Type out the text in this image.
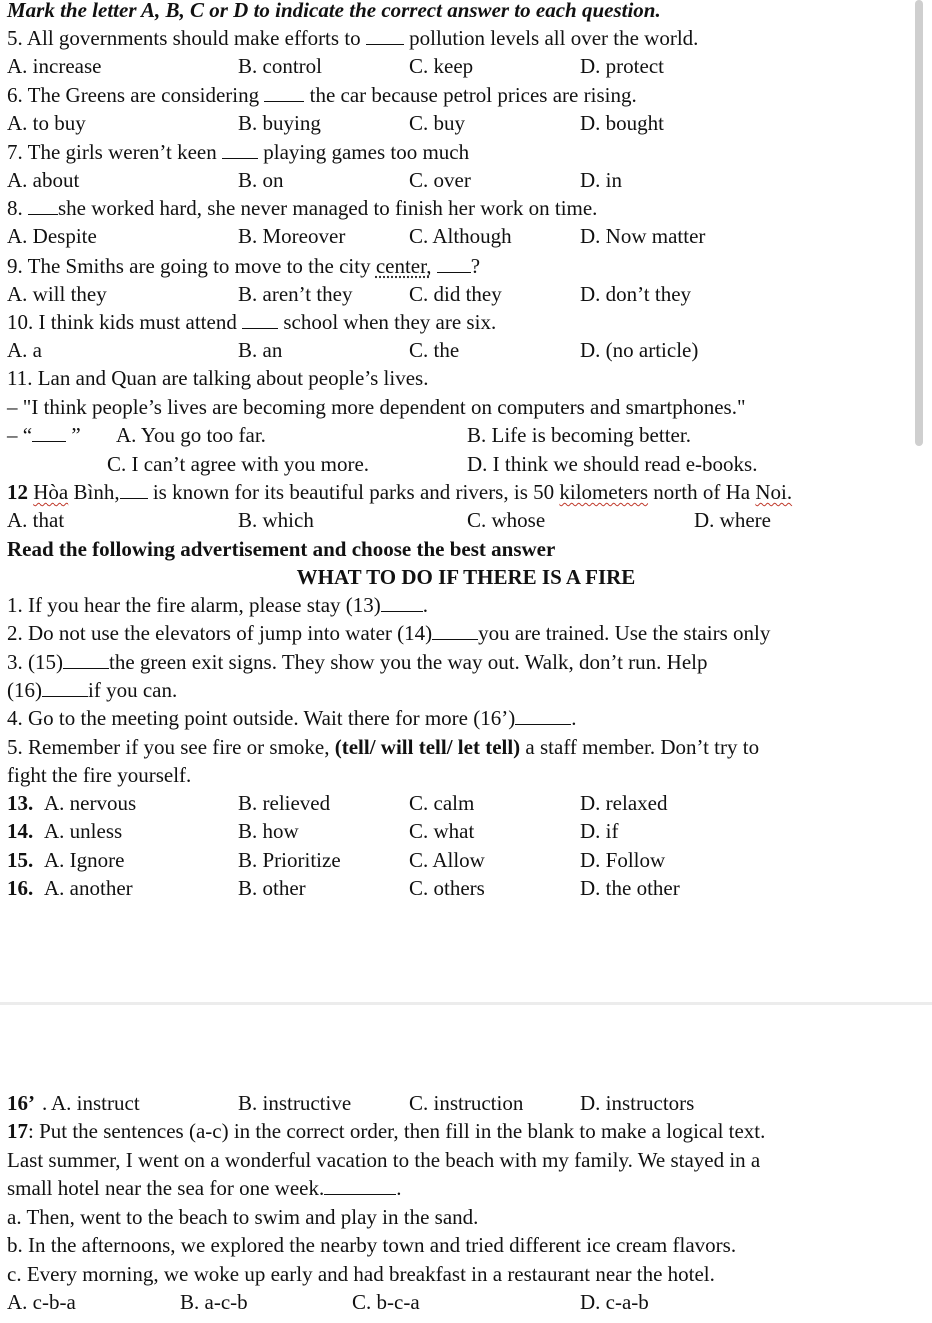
Mark the letter A, B, C or D to indicate the correct answer to each question.
5. All governments should make efforts to pollution levels all over the world.
A. increase	B. control	C. keep	D. protect
6. The Greens are considering the car because petrol prices are rising.
A. to buy	B. buying	C. buy	D. bought
7. The girls weren’t keen playing games too much
A. about	B. on	C. over	D. in
8. she worked hard, she never managed to finish her work on time.
A. Despite	B. Moreover	C. Although	D. Now matter
9. The Smiths are going to move to the city center, ?
A. will they	B. aren’t they	C. did they	D. don’t they
10. I think kids must attend school when they are six.
A. a	B. an	C. the	D. (no article)
11. Lan and Quan are talking about people’s lives.
– "I think people’s lives are becoming more dependent on computers and smartphones."
– “ ” A. You go too far.	B. Life is becoming better.
C. I can’t agree with you more.	D. I think we should read e-books.
12 Hòa Bình, is known for its beautiful parks and rivers, is 50 kilometers north of Ha Noi.
A. that	B. which	C. whose	D. where
Read the following advertisement and choose the best answer
WHAT TO DO IF THERE IS A FIRE
1. If you hear the fire alarm, please stay (13) .
2. Do not use the elevators of jump into water (14) you are trained. Use the stairs only
3. (15) the green exit signs. They show you the way out. Walk, don’t run. Help
(16) if you can.
4. Go to the meeting point outside. Wait there for more (16’)	.
5. Remember if you see fire or smoke, (tell/ will tell/ let tell) a staff member. Don’t try to
fight the fire yourself.
13. A. nervous	B. relieved	C. calm	D. relaxed
14. A. unless	B. how	C. what	D. if
15. A. Ignore	B. Prioritize	C. Allow	D. Follow
16. A. another	B. other	C. others	D. the other
16’ . A. instruct	B. instructive	C. instruction	D. instructors
17: Put the sentences (a-c) in the correct order, then fill in the blank to make a logical text.
Last summer, I went on a wonderful vacation to the beach with my family. We stayed in a
small hotel near the sea for one week.	.
a. Then, went to the beach to swim and play in the sand.
b. In the afternoons, we explored the nearby town and tried different ice cream flavors.
c. Every morning, we woke up early and had breakfast in a restaurant near the hotel.
A. c-b-a	B. a-c-b	C. b-c-a	D. c-a-b
